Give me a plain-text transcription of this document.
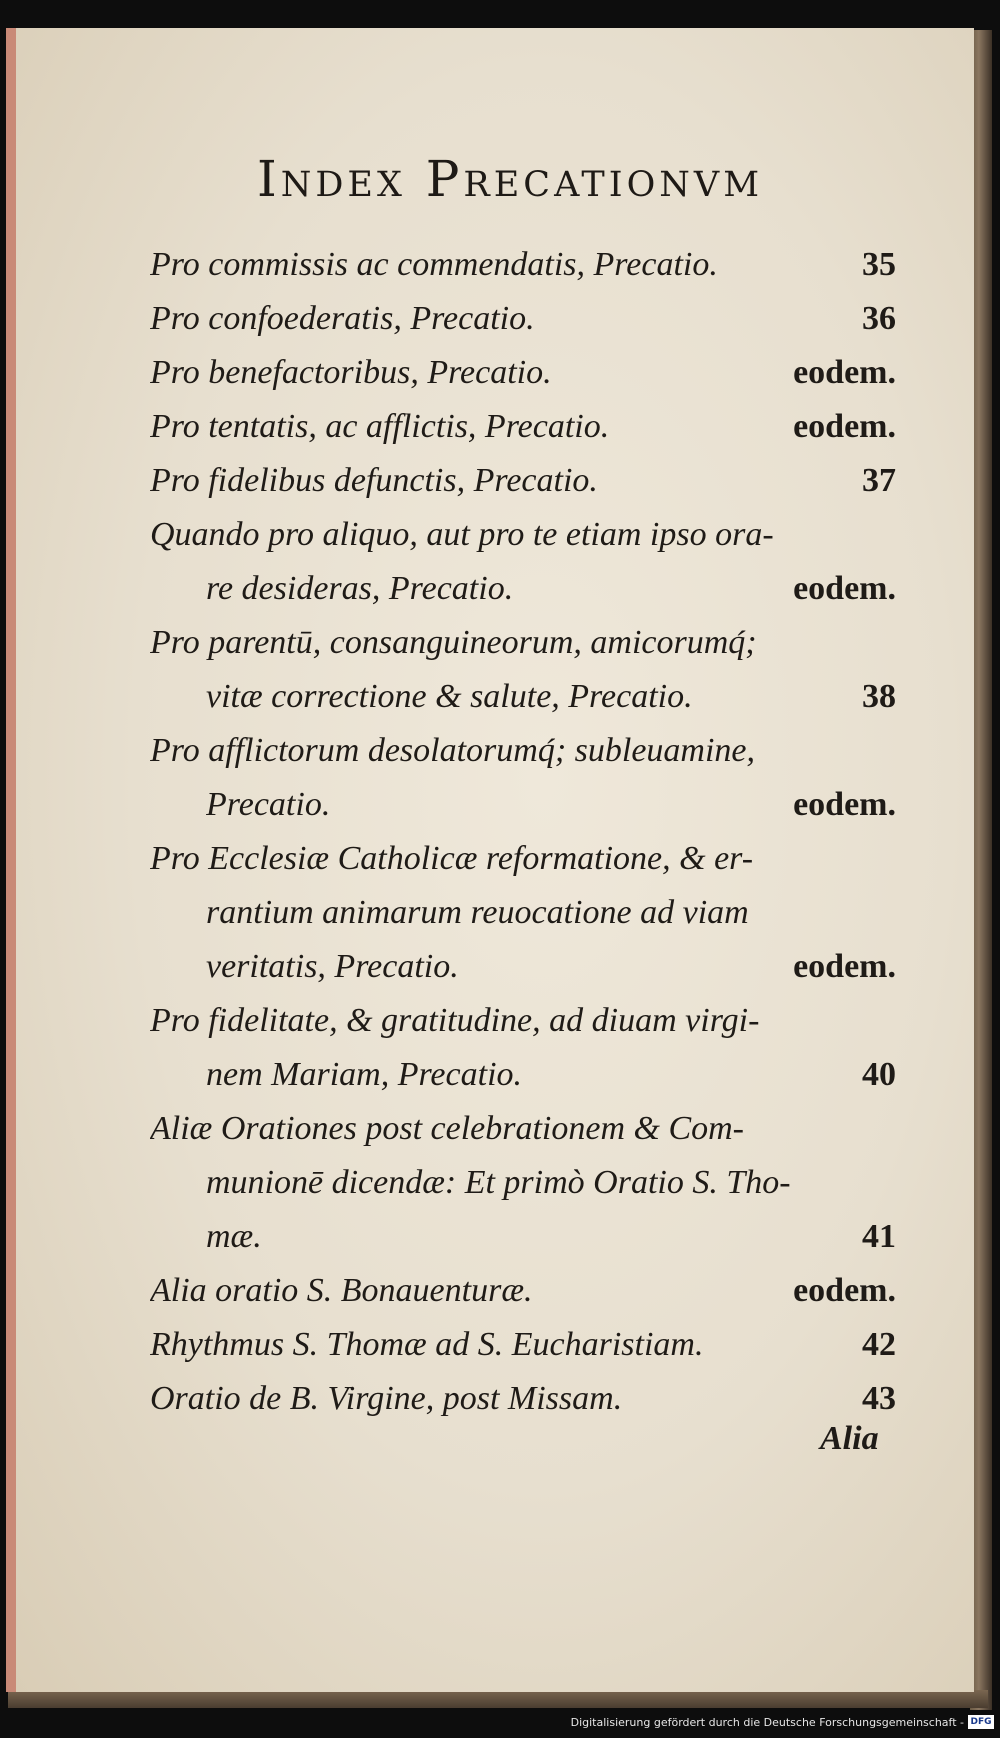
Index Precationvm
Pro commissis ac commendatis, Precatio.	35
Pro confoederatis, Precatio.	36
Pro benefactoribus, Precatio.	eodem.
Pro tentatis, ac afflictis, Precatio.	eodem.
Pro fidelibus defunctis, Precatio.	37
Quando pro aliquo, aut pro te etiam ipso ora-
re desideras, Precatio.	eodem.
Pro parentū, consanguineorum, amicorumq́;
vitæ correctione & salute, Precatio.	38
Pro afflictorum desolatorumq́; subleuamine,
Precatio.	eodem.
Pro Ecclesiæ Catholicæ reformatione, & er-
rantium animarum reuocatione ad viam
veritatis, Precatio.	eodem.
Pro fidelitate, & gratitudine, ad diuam virgi-
nem Mariam, Precatio.	40
Aliæ Orationes post celebrationem & Com-
munionē dicendæ: Et primò Oratio S. Tho-
mæ.	41
Alia oratio S. Bonauenturæ.	eodem.
Rhythmus S. Thomæ ad S. Eucharistiam.	42
Oratio de B. Virgine, post Missam.	43
Alia
Digitalisierung gefördert durch die Deutsche Forschungsgemeinschaft - DFG
